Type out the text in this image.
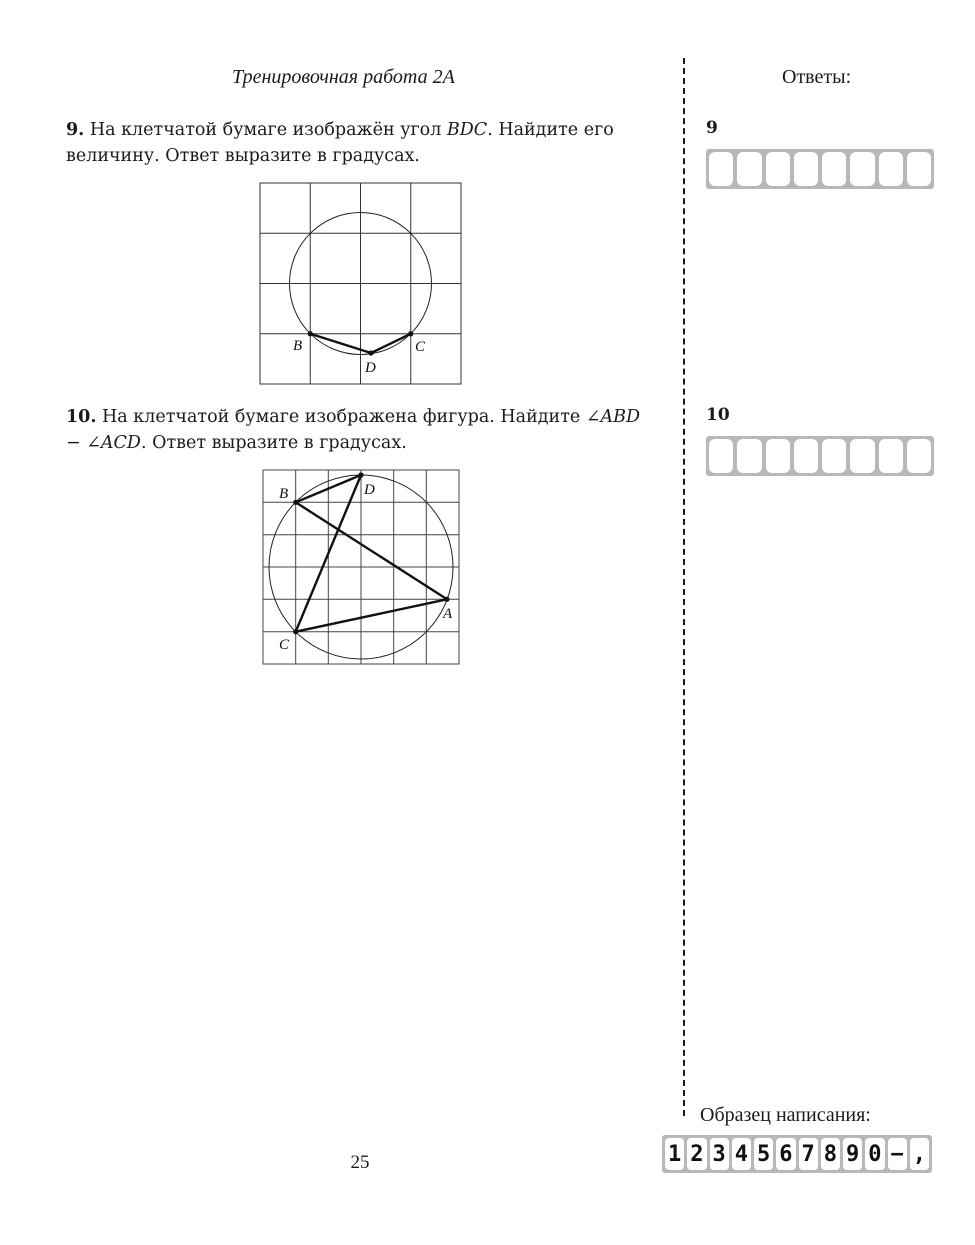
Тренировочная работа 2А	Ответы:
9. На клетчатой бумаге изображён угол BDC. Найдите его величину. Ответ выразите в градусах.
B	C
D
10. На клетчатой бумаге изображена фигура. Найдите ∠ABD − ∠ACD. Ответ выразите в градусах.
B	D
A
C
9
10
Образец написания:
1 2 3 4 5 6 7 8 9 0 − ,
25
